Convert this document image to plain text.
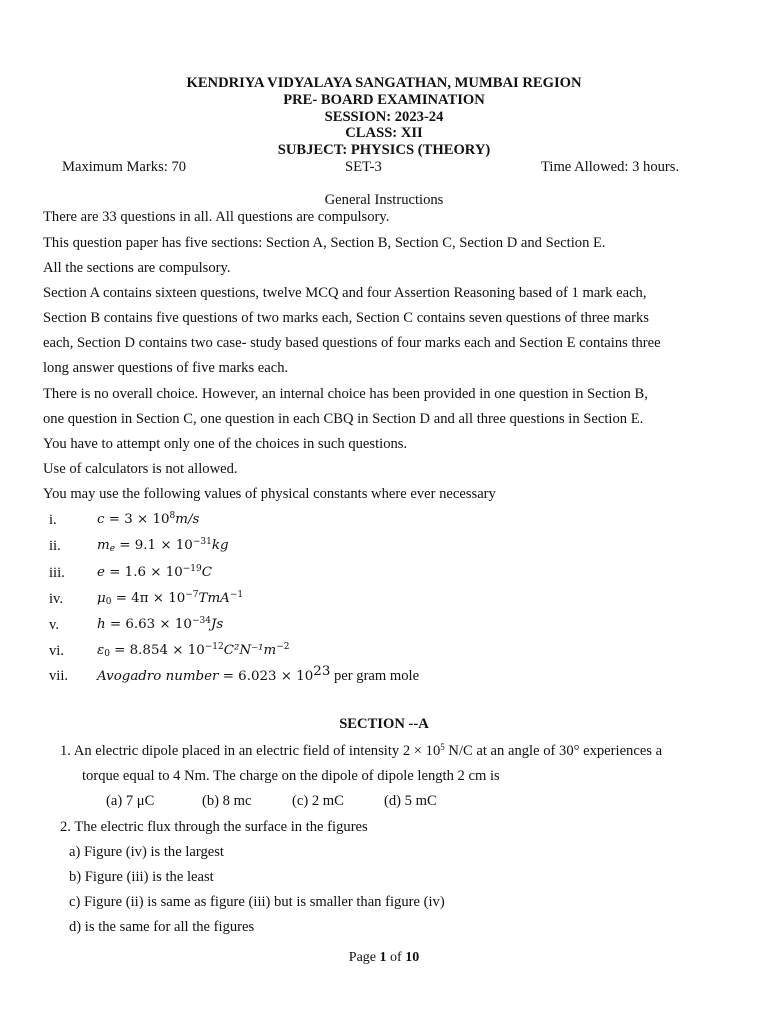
KENDRIYA VIDYALAYA SANGATHAN, MUMBAI REGION
PRE- BOARD EXAMINATION
SESSION: 2023-24
CLASS: XII
SUBJECT: PHYSICS (THEORY)
Maximum Marks: 70	SET-3	Time Allowed: 3 hours.
General Instructions
There are 33 questions in all. All questions are compulsory.
This question paper has five sections: Section A, Section B, Section C, Section D and Section E.
All the sections are compulsory.
Section A contains sixteen questions, twelve MCQ and four Assertion Reasoning based of 1 mark each,
Section B contains five questions of two marks each, Section C contains seven questions of three marks
each, Section D contains two case- study based questions of four marks each and Section E contains three
long answer questions of five marks each.
There is no overall choice. However, an internal choice has been provided in one question in Section B,
one question in Section C, one question in each CBQ in Section D and all three questions in Section E.
You have to attempt only one of the choices in such questions.
Use of calculators is not allowed.
You may use the following values of physical constants where ever necessary
i.	$c = 3 \times 10^8m/s$
ii.	$m_e = 9.1 \times 10^{-31}kg$
iii. $e = 1.6 \times 10^{-19}C$
iv.	$\mu_0 = 4\pi \times 10^{-7}TmA^{-1}$
v.	$h = 6.63 \times 10^{-34}Js$
vi. $\varepsilon_0 = 8.854 \times 10^{-12}C^2N^{-1}m^{-2}$
vii. Avogadro number = $6.023 \times 10^{23}$ per gram mole
SECTION --A
1. An electric dipole placed in an electric field of intensity $2 \times 10^5$ N/C at an angle of 30° experiences a
torque equal to 4 Nm. The charge on the dipole of dipole length 2 cm is
(a) 7 μC	(b) 8 mc	(c) 2 mC	(d) 5 mC
2. The electric flux through the surface in the figures
a) Figure (iv) is the largest
b) Figure (iii) is the least
c) Figure (ii) is same as figure (iii) but is smaller than figure (iv)
d) is the same for all the figures
Page 1 of 10
